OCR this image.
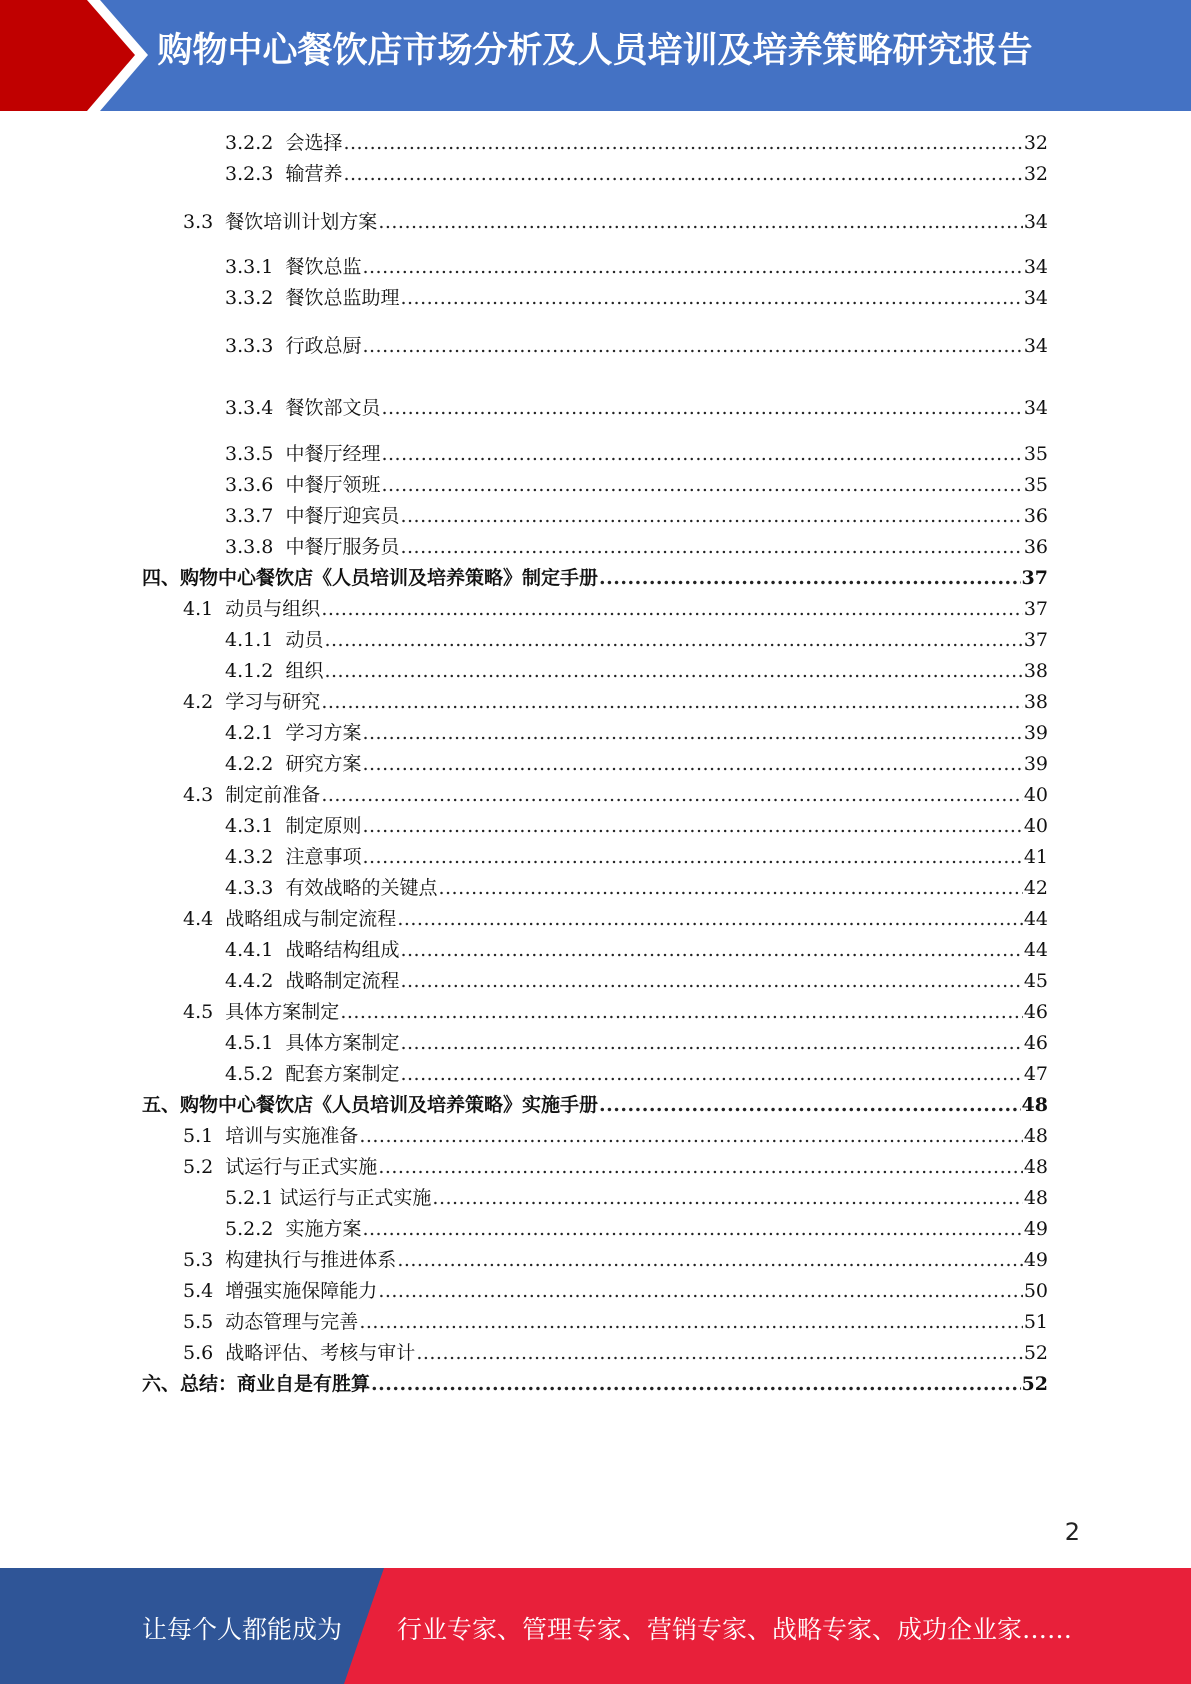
购物中心餐饮店市场分析及人员培训及培养策略研究报告
3.2.2 会选择 .....	32
3.2.3 输营养 .....	32
3.3 餐饮培训计划方案 .....	34
3.3.1 餐饮总监 .....	34
3.3.2 餐饮总监助理 .....	34
3.3.3 行政总厨 .....	34
3.3.4 餐饮部文员 .....	34
3.3.5 中餐厅经理 .....	35
3.3.6 中餐厅领班 .....	35
3.3.7 中餐厅迎宾员 .....	36
3.3.8 中餐厅服务员 .....	36
四、购物中心餐饮店《人员培训及培养策略》制定手册 .....	37
4.1 动员与组织 .....	37
4.1.1 动员 .....	37
4.1.2 组织 .....	38
4.2 学习与研究 .....	38
4.2.1 学习方案 .....	39
4.2.2 研究方案 .....	39
4.3 制定前准备 .....	40
4.3.1 制定原则 .....	40
4.3.2 注意事项 .....	41
4.3.3 有效战略的关键点 .....	42
4.4 战略组成与制定流程 .....	44
4.4.1 战略结构组成 .....	44
4.4.2 战略制定流程 .....	45
4.5 具体方案制定 .....	46
4.5.1 具体方案制定 .....	46
4.5.2 配套方案制定 .....	47
五、购物中心餐饮店《人员培训及培养策略》实施手册 .....	48
5.1 培训与实施准备 .....	48
5.2 试运行与正式实施 .....	48
5.2.1 试运行与正式实施 .....	48
5.2.2 实施方案 .....	49
5.3 构建执行与推进体系 .....	49
5.4 增强实施保障能力 .....	50
5.5 动态管理与完善 .....	51
5.6 战略评估、考核与审计 .....	52
六、总结：商业自是有胜算 .....	52
2
让每个人都能成为 行业专家、管理专家、营销专家、战略专家、成功企业家……
